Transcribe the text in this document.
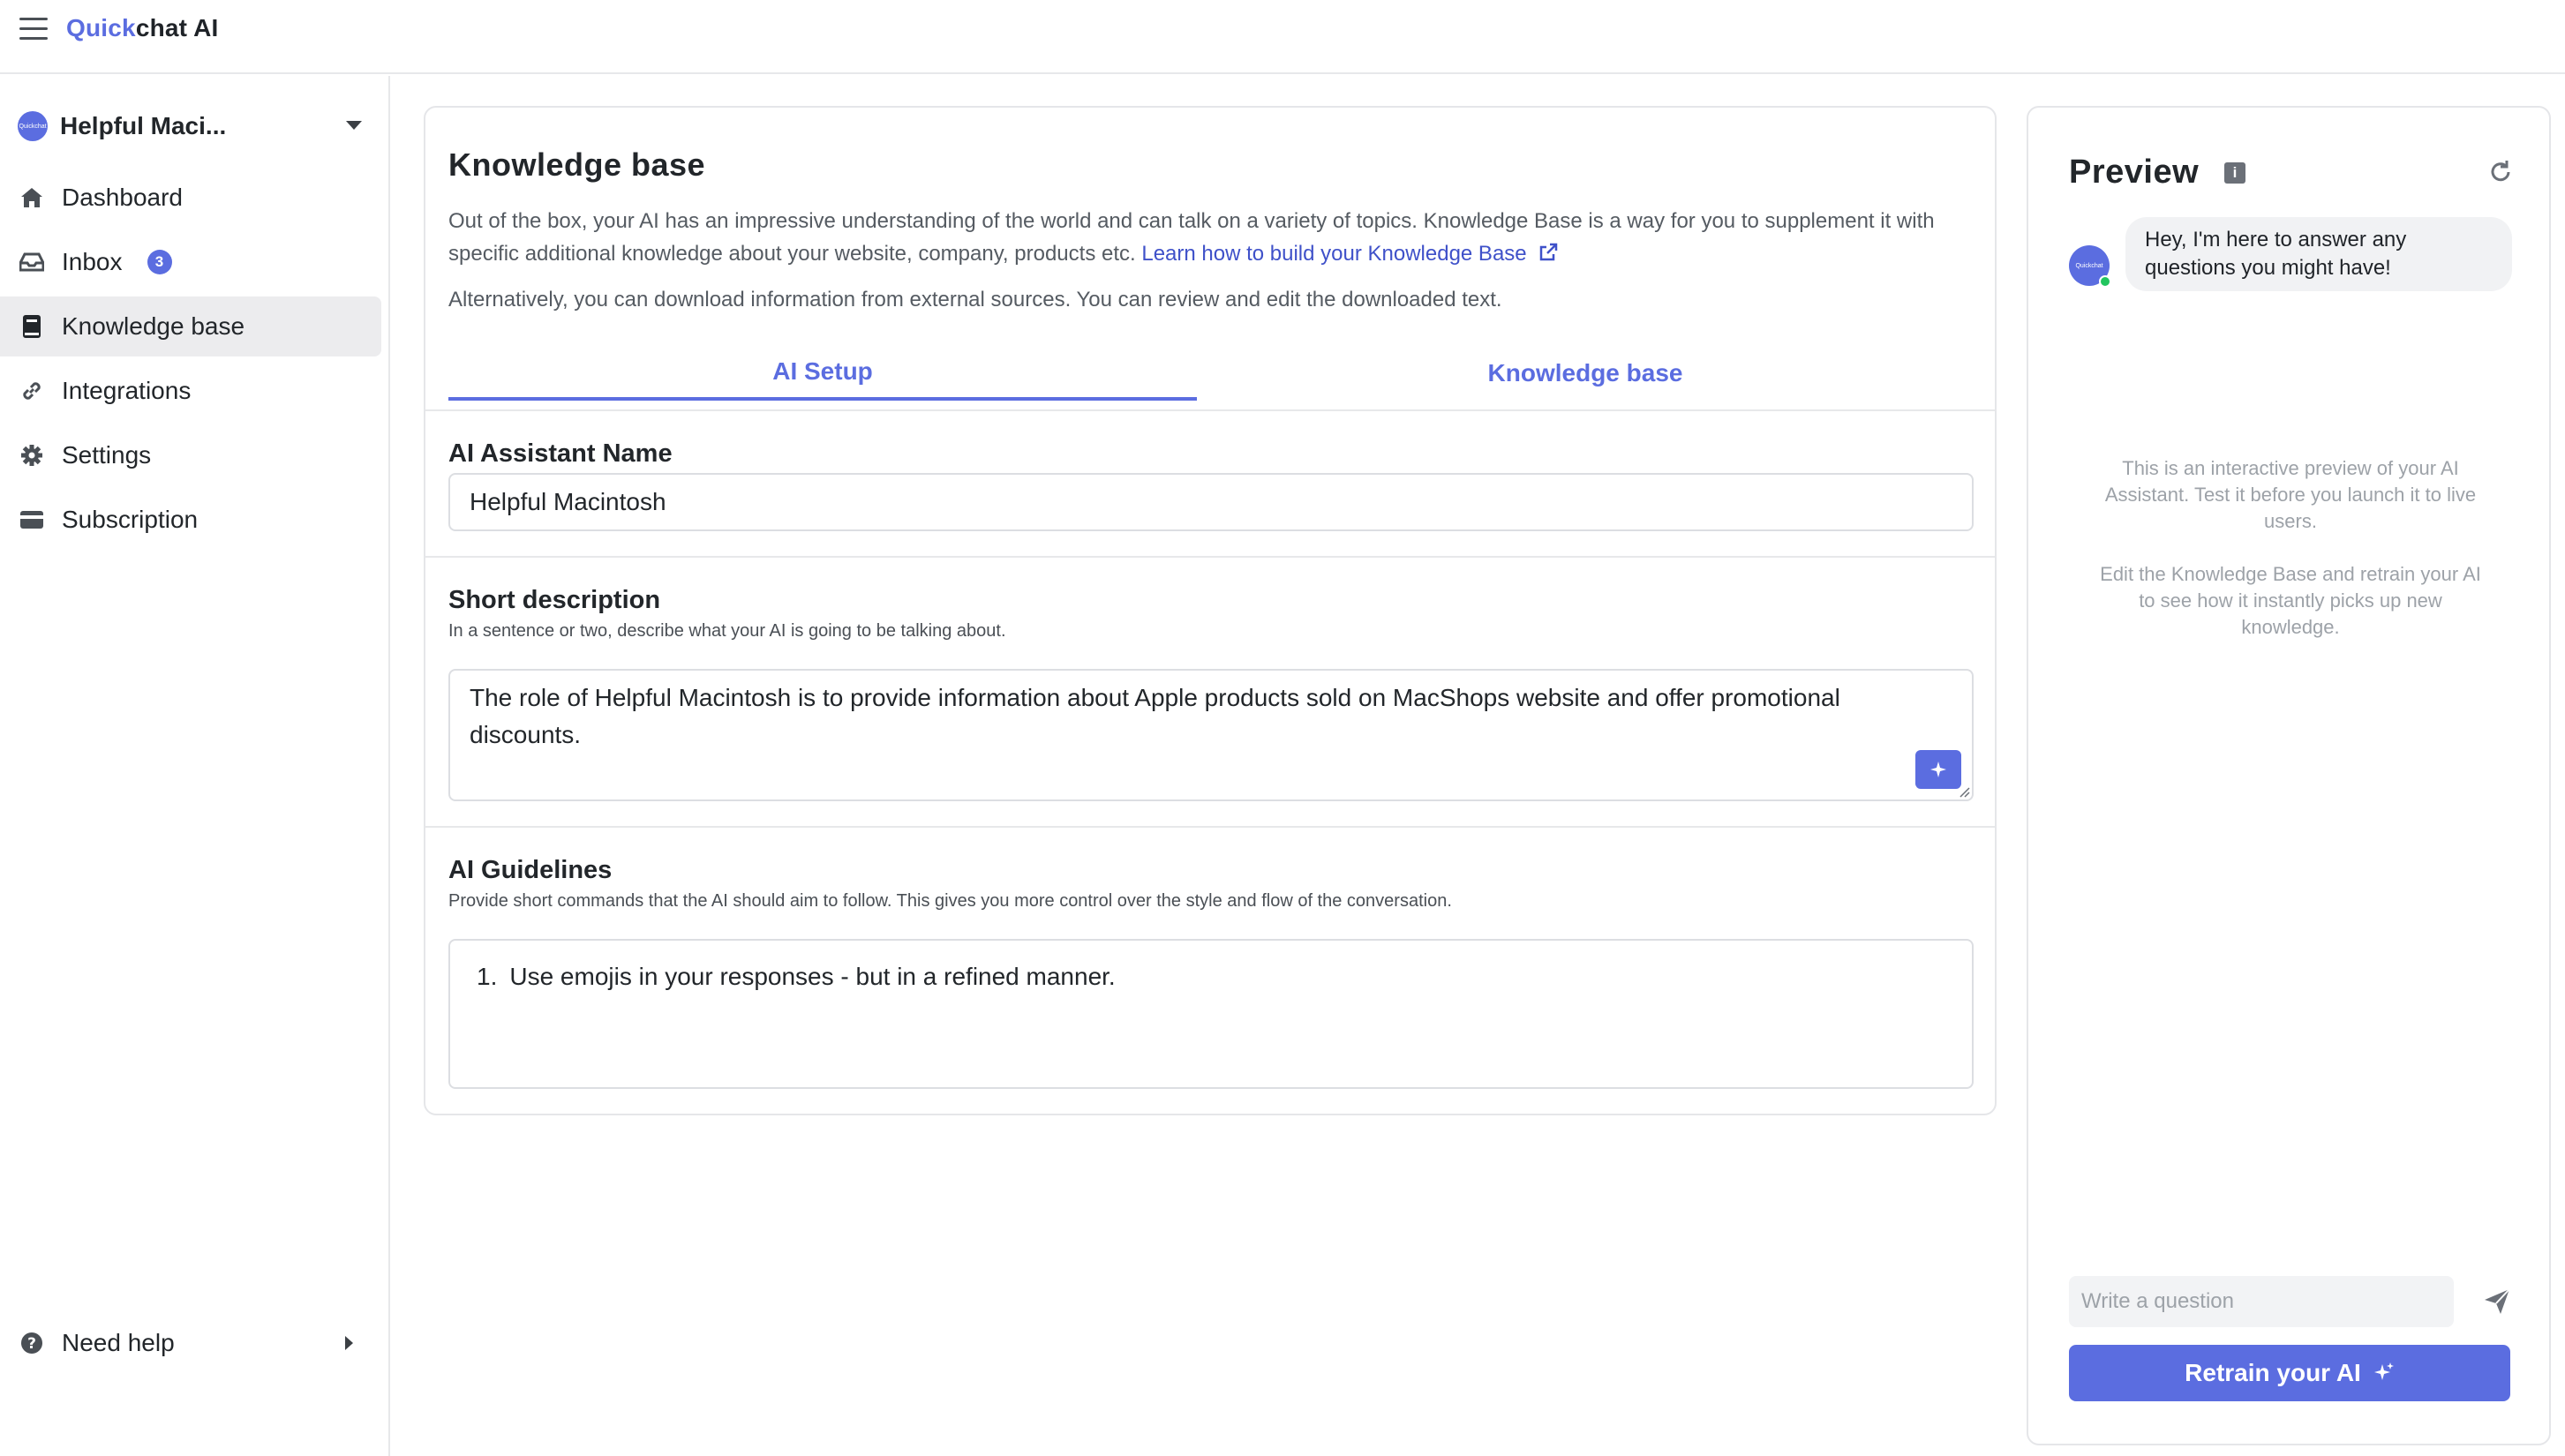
Quickchat AI
Quickchat Helpful Maci...
Dashboard
Inbox	3
Knowledge base
Integrations
Settings
Subscription
? Need help
Knowledge base
Out of the box, your AI has an impressive understanding of the world and can talk on a variety of topics. Knowledge Base is a way for you to supplement it with specific additional knowledge about your website, company, products etc. Learn how to build your Knowledge Base
Alternatively, you can download information from external sources. You can review and edit the downloaded text.
AI Setup	Knowledge base
AI Assistant Name
Helpful Macintosh
Short description
In a sentence or two, describe what your AI is going to be talking about.
The role of Helpful Macintosh is to provide information about Apple products sold on MacShops website and offer promotional discounts.
AI Guidelines
Provide short commands that the AI should aim to follow. This gives you more control over the style and flow of the conversation.
1. Use emojis in your responses - but in a refined manner.
Preview i
Quickchat
Hey, I'm here to answer any questions you might have!
This is an interactive preview of your AI Assistant. Test it before you launch it to live users.
Edit the Knowledge Base and retrain your AI to see how it instantly picks up new knowledge.
Write a question
Retrain your AI
